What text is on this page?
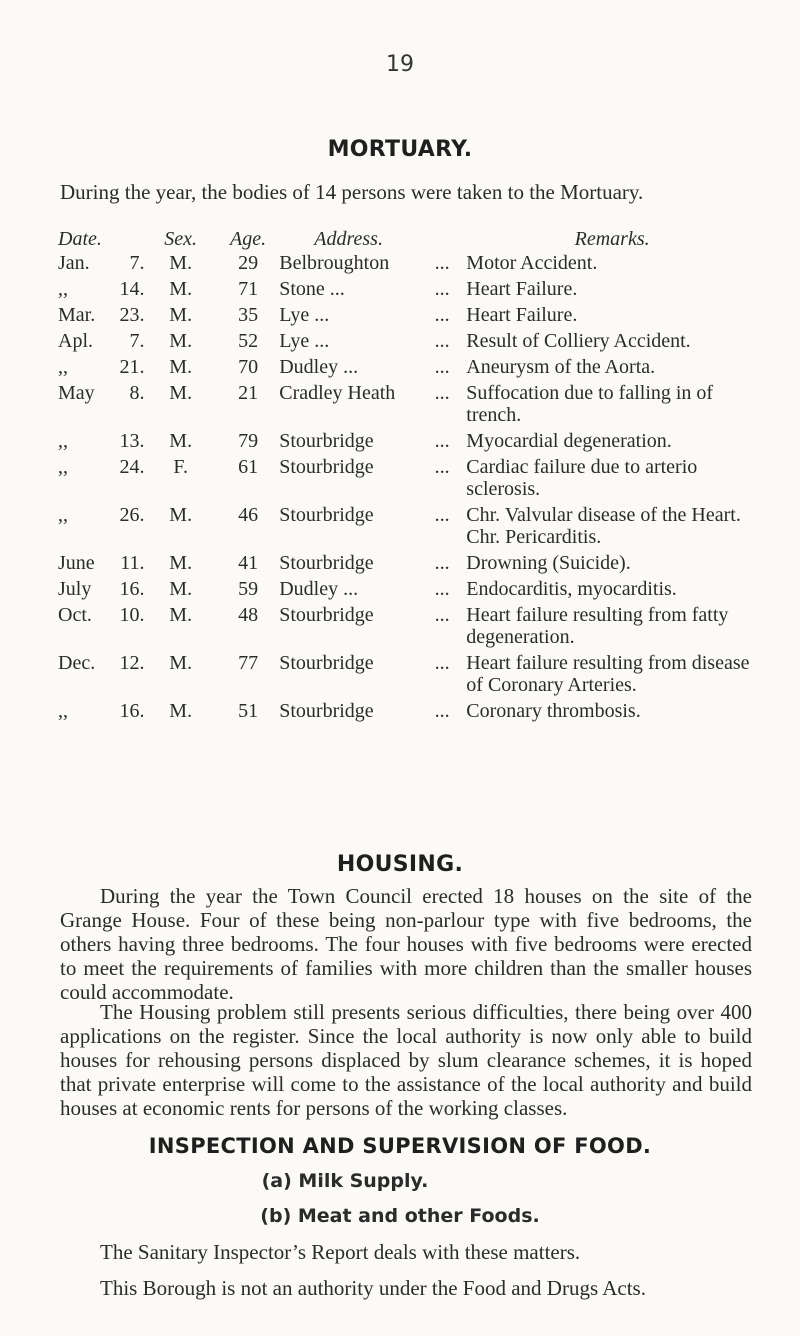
19
MORTUARY.
During the year, the bodies of 14 persons were taken to the Mortuary.
Date.		Sex.	Age.	Address.		Remarks.
Jan.	7.	M.	29	Belbroughton	...	Motor Accident.
,,	14.	M.	71	Stone ...	...	Heart Failure.
Mar.	23.	M.	35	Lye ...	...	Heart Failure.
Apl.	7.	M.	52	Lye ...	...	Result of Colliery Accident.
,,	21.	M.	70	Dudley ...	...	Aneurysm of the Aorta.
May	8.	M.	21	Cradley Heath	...	Suffocation due to falling in of trench.
,,	13.	M.	79	Stourbridge	...	Myocardial degeneration.
,,	24.	F.	61	Stourbridge	...	Cardiac failure due to arterio sclerosis.
,,	26.	M.	46	Stourbridge	...	Chr. Valvular disease of the Heart. Chr. Pericarditis.
June	11.	M.	41	Stourbridge	...	Drowning (Suicide).
July	16.	M.	59	Dudley ...	...	Endocarditis, myocarditis.
Oct.	10.	M.	48	Stourbridge	...	Heart failure resulting from fatty degeneration.
Dec.	12.	M.	77	Stourbridge	...	Heart failure resulting from disease of Coronary Arteries.
,,	16.	M.	51	Stourbridge	...	Coronary thrombosis.
HOUSING.
During the year the Town Council erected 18 houses on the site of the Grange House. Four of these being non-parlour type with five bedrooms, the others having three bedrooms. The four houses with five bedrooms were erected to meet the requirements of families with more children than the smaller houses could accommodate.
The Housing problem still presents serious difficulties, there being over 400 applications on the register. Since the local authority is now only able to build houses for rehousing persons displaced by slum clearance schemes, it is hoped that private enterprise will come to the assistance of the local authority and build houses at economic rents for persons of the working classes.
INSPECTION AND SUPERVISION OF FOOD.
(a) Milk Supply.
(b) Meat and other Foods.
The Sanitary Inspector’s Report deals with these matters.
This Borough is not an authority under the Food and Drugs Acts.
